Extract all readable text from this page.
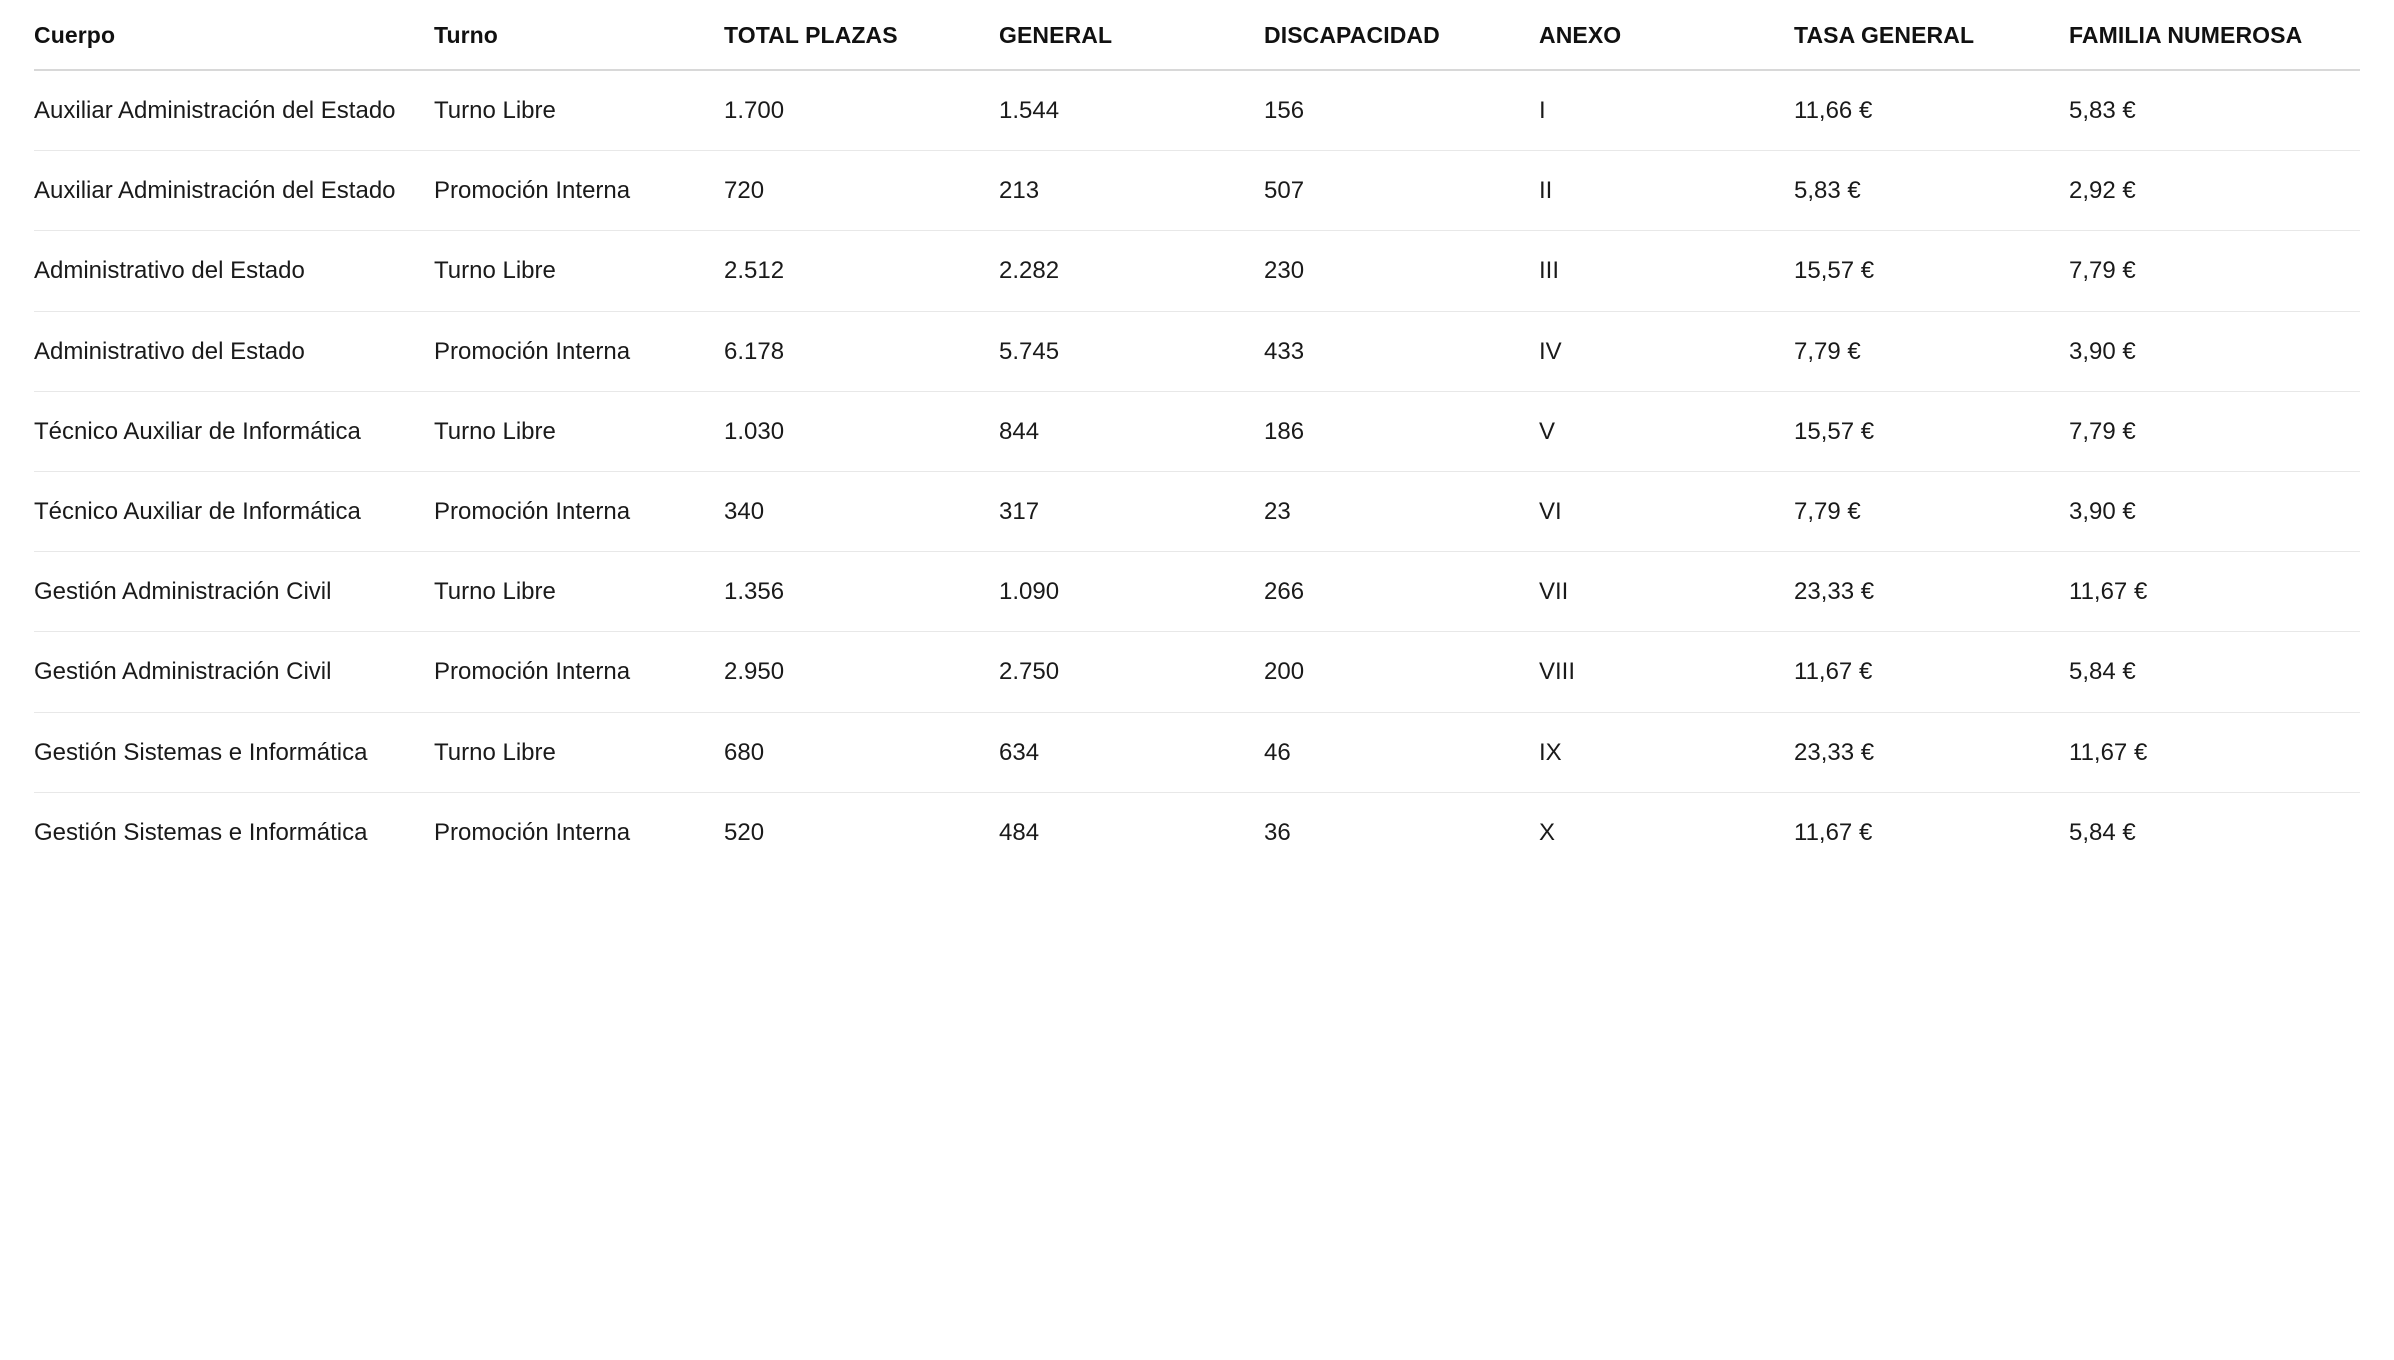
Cuerpo	Turno	TOTAL PLAZAS	GENERAL	DISCAPACIDAD	ANEXO	TASA GENERAL	FAMILIA NUMEROSA
Auxiliar Administración del Estado	Turno Libre	1.700	1.544	156	I	11,66 €	5,83 €
Auxiliar Administración del Estado	Promoción Interna	720	213	507	II	5,83 €	2,92 €
Administrativo del Estado	Turno Libre	2.512	2.282	230	III	15,57 €	7,79 €
Administrativo del Estado	Promoción Interna	6.178	5.745	433	IV	7,79 €	3,90 €
Técnico Auxiliar de Informática	Turno Libre	1.030	844	186	V	15,57 €	7,79 €
Técnico Auxiliar de Informática	Promoción Interna	340	317	23	VI	7,79 €	3,90 €
Gestión Administración Civil	Turno Libre	1.356	1.090	266	VII	23,33 €	11,67 €
Gestión Administración Civil	Promoción Interna	2.950	2.750	200	VIII	11,67 €	5,84 €
Gestión Sistemas e Informática	Turno Libre	680	634	46	IX	23,33 €	11,67 €
Gestión Sistemas e Informática	Promoción Interna	520	484	36	X	11,67 €	5,84 €
